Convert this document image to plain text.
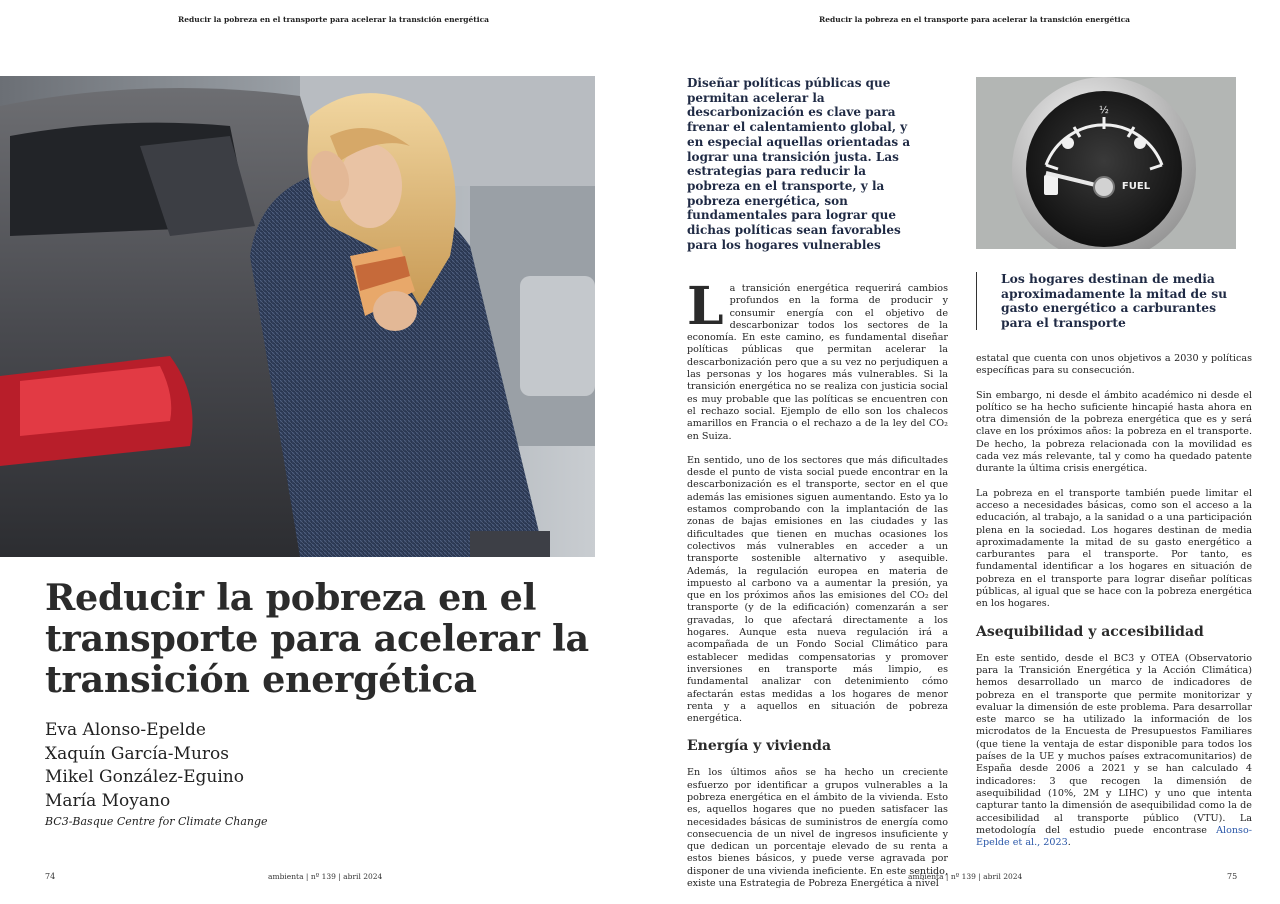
Reducir la pobreza en el transporte para acelerar la transición energética
Reducir la pobreza en el transporte para acelerar la transición energética
Eva Alonso-Epelde
Xaquín García-Muros
Mikel González-Eguino
María Moyano
BC3-Basque Centre for Climate Change
74	ambienta | nº 139 | abril 2024
Reducir la pobreza en el transporte para acelerar la transición energética

Diseñar políticas públicas que permitan acelerar la descarbonización es clave para frenar el calentamiento global, y en especial aquellas orientadas a lograr una transición justa. Las estrategias para reducir la pobreza en el transporte, y la pobreza energética, son fundamentales para lograr que dichas políticas sean favorables para los hogares vulnerables

½
FUEL
Los hogares destinan de media aproximadamente la mitad de su gasto energético a carburantes para el transporte

La transición energética requerirá cambios profundos en la forma de producir y consumir energía con el objetivo de descarbonizar todos los sectores de la economía. En este camino, es fundamental diseñar políticas públicas que permitan acelerar la descarbonización pero que a su vez no perjudiquen a las personas y los hogares más vulnerables. Si la transición energética no se realiza con justicia social es muy probable que las políticas se encuentren con el rechazo social. Ejemplo de ello son los chalecos amarillos en Francia o el rechazo a de la ley del CO₂ en Suiza.

En sentido, uno de los sectores que más dificultades desde el punto de vista social puede encontrar en la descarbonización es el transporte, sector en el que además las emisiones siguen aumentando. Esto ya lo estamos comprobando con la implantación de las zonas de bajas emisiones en las ciudades y las dificultades que tienen en muchas ocasiones los colectivos más vulnerables en acceder a un transporte sostenible alternativo y asequible. Además, la regulación europea en materia de impuesto al carbono va a aumentar la presión, ya que en los próximos años las emisiones del CO₂ del transporte (y de la edificación) comenzarán a ser gravadas, lo que afectará directamente a los hogares. Aunque esta nueva regulación irá a acompañada de un Fondo Social Climático para establecer medidas compensatorias y promover inversiones en transporte más limpio, es fundamental analizar con detenimiento cómo afectarán estas medidas a los hogares de menor renta y a aquellos en situación de pobreza energética.

Energía y vivienda

En los últimos años se ha hecho un creciente esfuerzo por identificar a grupos vulnerables a la pobreza energética en el ámbito de la vivienda. Esto es, aquellos hogares que no pueden satisfacer las necesidades básicas de suministros de energía como consecuencia de un nivel de ingresos insuficiente y que dedican un porcentaje elevado de su renta a estos bienes básicos, y puede verse agravada por disponer de una vivienda ineficiente. En este sentido, existe una Estrategia de Pobreza Energética a nivel

estatal que cuenta con unos objetivos a 2030 y políticas específicas para su consecución.

Sin embargo, ni desde el ámbito académico ni desde el político se ha hecho suficiente hincapié hasta ahora en otra dimensión de la pobreza energética que es y será clave en los próximos años: la pobreza en el transporte. De hecho, la pobreza relacionada con la movilidad es cada vez más relevante, tal y como ha quedado patente durante la última crisis energética.

La pobreza en el transporte también puede limitar el acceso a necesidades básicas, como son el acceso a la educación, al trabajo, a la sanidad o a una participación plena en la sociedad. Los hogares destinan de media aproximadamente la mitad de su gasto energético a carburantes para el transporte. Por tanto, es fundamental identificar a los hogares en situación de pobreza en el transporte para lograr diseñar políticas públicas, al igual que se hace con la pobreza energética en los hogares.

Asequibilidad y accesibilidad

En este sentido, desde el BC3 y OTEA (Observatorio para la Transición Energética y la Acción Climática) hemos desarrollado un marco de indicadores de pobreza en el transporte que permite monitorizar y evaluar la dimensión de este problema. Para desarrollar este marco se ha utilizado la información de los microdatos de la Encuesta de Presupuestos Familiares (que tiene la ventaja de estar disponible para todos los países de la UE y muchos países extracomunitarios) de España desde 2006 a 2021 y se han calculado 4 indicadores: 3 que recogen la dimensión de asequibilidad (10%, 2M y LIHC) y uno que intenta capturar tanto la dimensión de asequibilidad como la de accesibilidad al transporte público (VTU). La metodología del estudio puede encontrase Alonso-Epelde et al., 2023.

ambienta | nº 139 | abril 2024	75
